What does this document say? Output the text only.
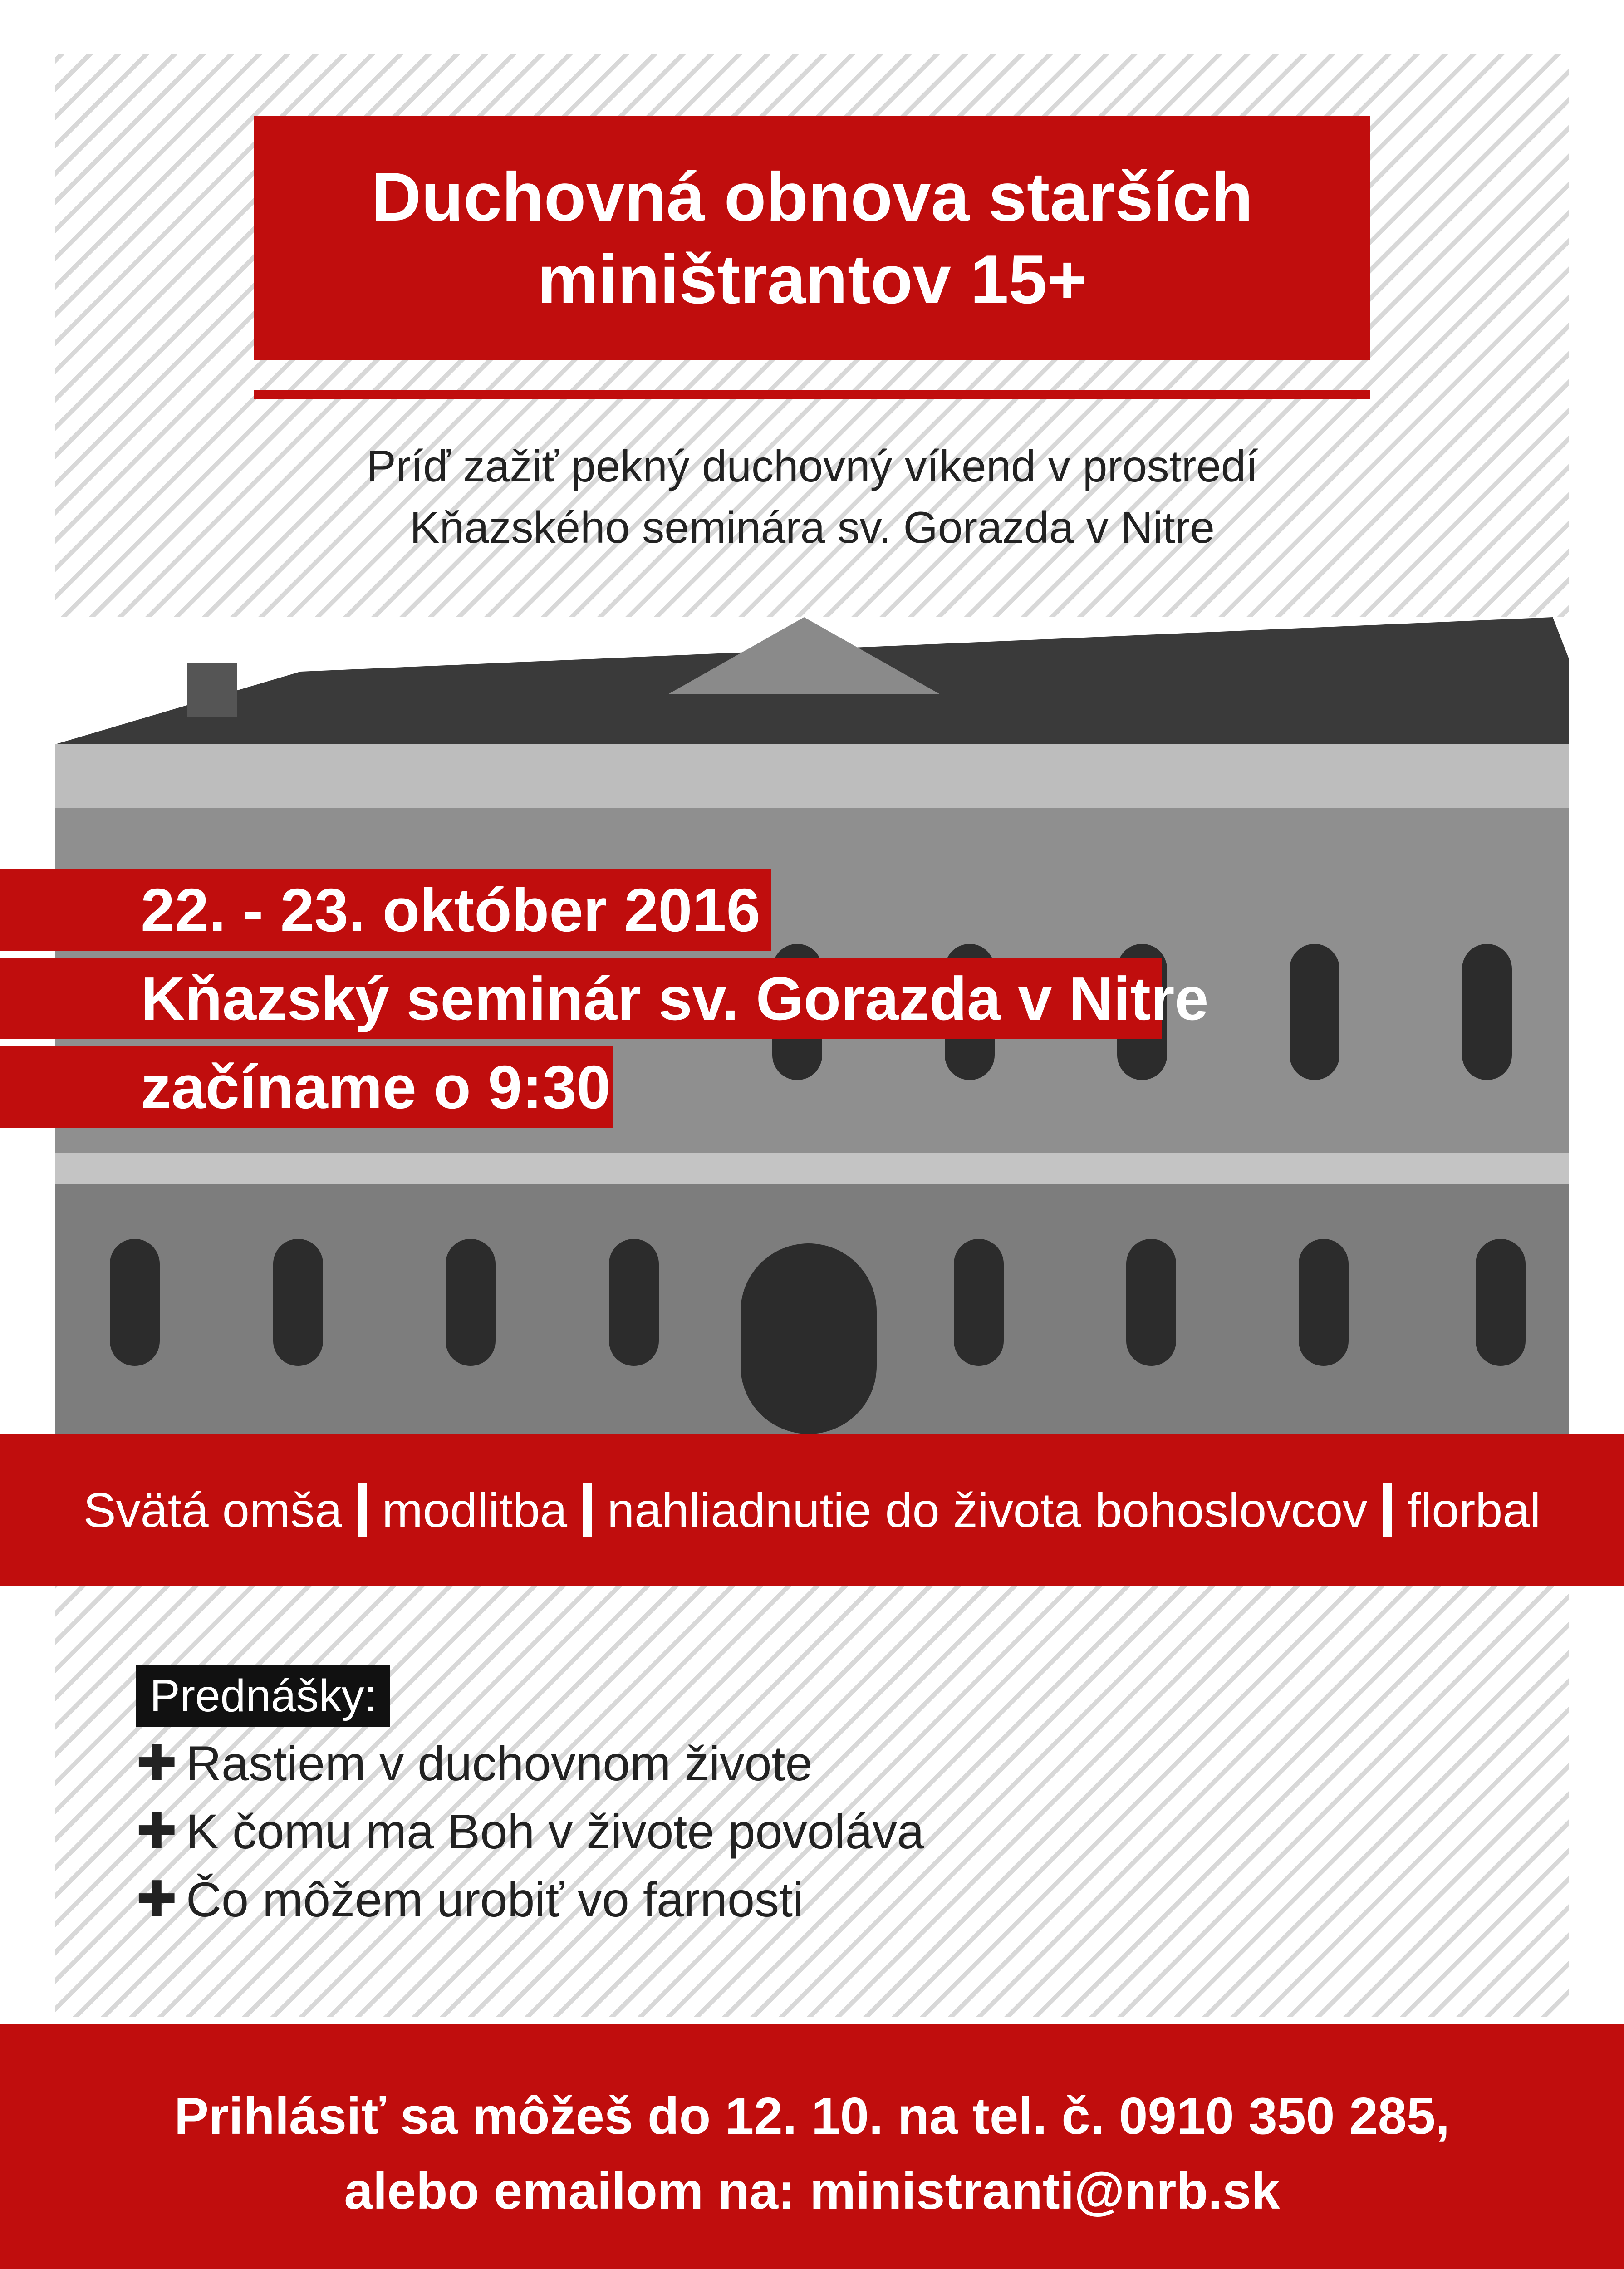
Duchovná obnova starších
miništrantov 15+
Príď zažiť pekný duchovný víkend v prostredí
Kňazského seminára sv. Gorazda v Nitre
22. - 23. október 2016
Kňazský seminár sv. Gorazda v Nitre
začíname o 9:30
Svätá omša modlitba nahliadnutie do života bohoslovcov florbal
Prednášky:
✚ Rastiem v duchovnom živote
✚ K čomu ma Boh v živote povoláva
✚ Čo môžem urobiť vo farnosti
Prihlásiť sa môžeš do 12. 10. na tel. č. 0910 350 285,
alebo emailom na: ministranti@nrb.sk
